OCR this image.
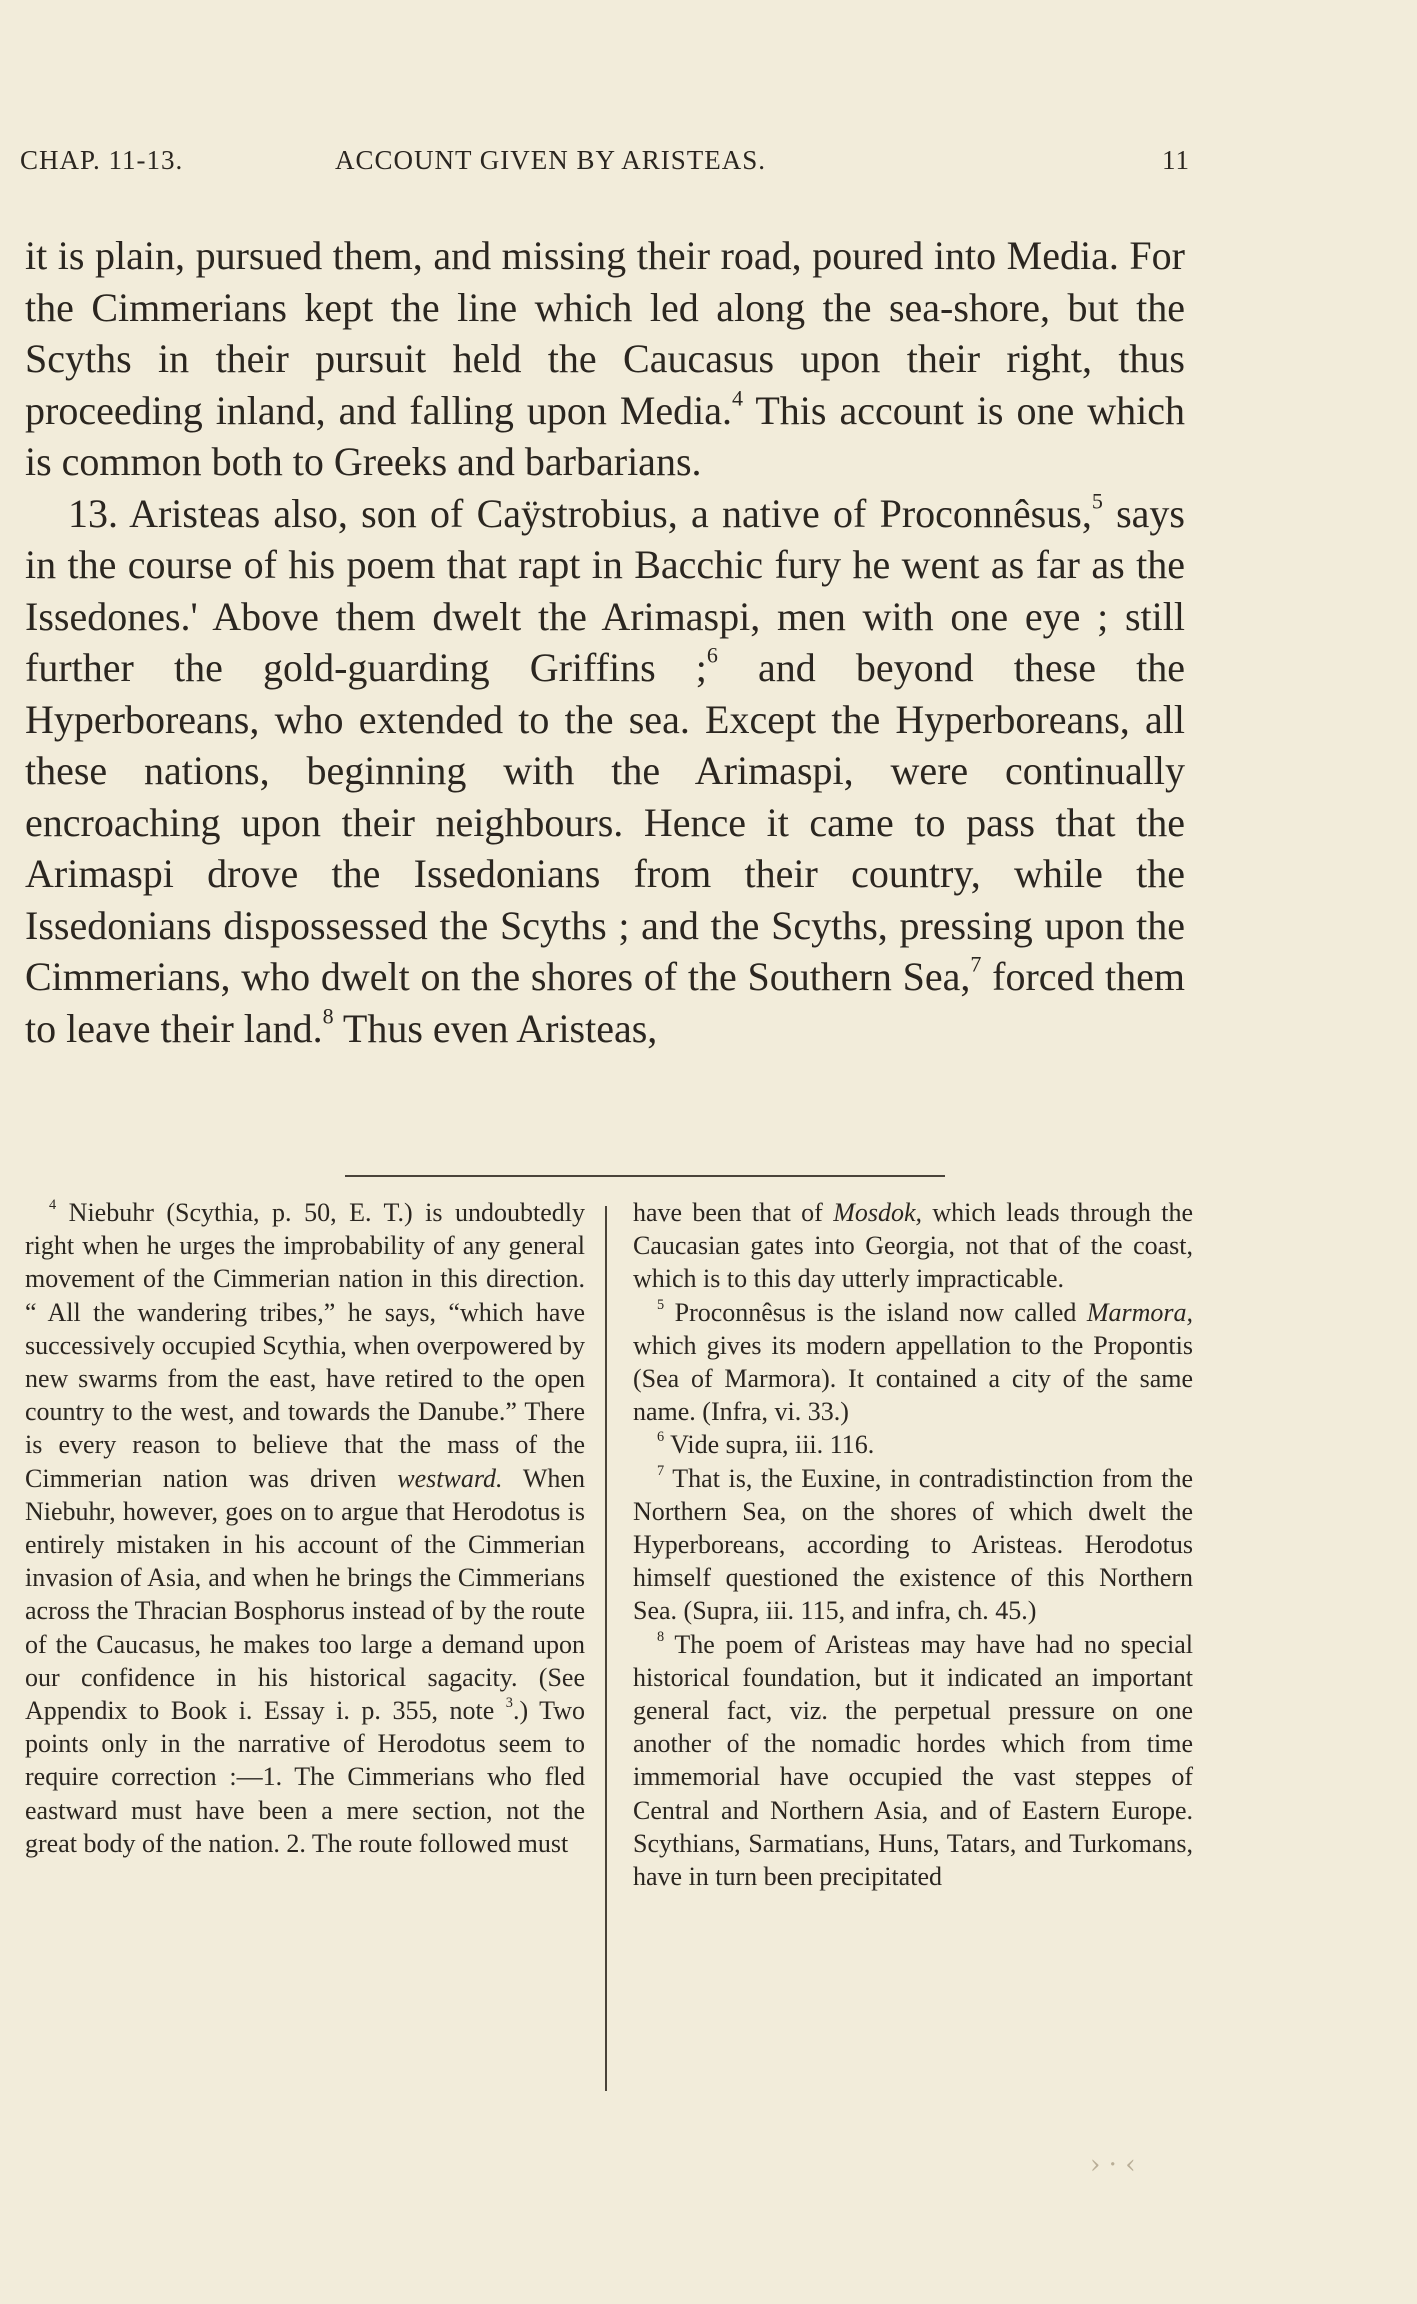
CHAP. 11-13.	ACCOUNT GIVEN BY ARISTEAS.	11

it is plain, pursued them, and missing their road, poured into Media. For the Cimmerians kept the line which led along the sea-shore, but the Scyths in their pursuit held the Caucasus upon their right, thus proceeding inland, and falling upon Media.$^4$ This account is one which is common both to Greeks and barbarians.

13. Aristeas also, son of Caÿstrobius, a native of Proconnêsus,$^5$ says in the course of his poem that rapt in Bacchic fury he went as far as the Issedones.' Above them dwelt the Arimaspi, men with one eye ; still further the gold-guarding Griffins ;$^6$ and beyond these the Hyperboreans, who extended to the sea. Except the Hyperboreans, all these nations, beginning with the Arimaspi, were continually encroaching upon their neighbours. Hence it came to pass that the Arimaspi drove the Issedonians from their country, while the Issedonians dispossessed the Scyths ; and the Scyths, pressing upon the Cimmerians, who dwelt on the shores of the Southern Sea,$^7$ forced them to leave their land.$^8$ Thus even Aristeas,

$^4$ Niebuhr (Scythia, p. 50, E. T.) is undoubtedly right when he urges the improbability of any general movement of the Cimmerian nation in this direction. “ All the wandering tribes,” he says, “which have successively occupied Scythia, when overpowered by new swarms from the east, have retired to the open country to the west, and towards the Danube.” There is every reason to believe that the mass of the Cimmerian nation was driven westward. When Niebuhr, however, goes on to argue that Herodotus is entirely mistaken in his account of the Cimmerian invasion of Asia, and when he brings the Cimmerians across the Thracian Bosphorus instead of by the route of the Caucasus, he makes too large a demand upon our confidence in his historical sagacity. (See Appendix to Book i. Essay i. p. 355, note $^3$.) Two points only in the narrative of Herodotus seem to require correction :—1. The Cimmerians who fled eastward must have been a mere section, not the great body of the nation. 2. The route followed must

have been that of Mosdok, which leads through the Caucasian gates into Georgia, not that of the coast, which is to this day utterly impracticable.

$^5$ Proconnêsus is the island now called Marmora, which gives its modern appellation to the Propontis (Sea of Marmora). It contained a city of the same name. (Infra, vi. 33.)

$^6$ Vide supra, iii. 116.

$^7$ That is, the Euxine, in contradistinction from the Northern Sea, on the shores of which dwelt the Hyperboreans, according to Aristeas. Herodotus himself questioned the existence of this Northern Sea. (Supra, iii. 115, and infra, ch. 45.)

$^8$ The poem of Aristeas may have had no special historical foundation, but it indicated an important general fact, viz. the perpetual pressure on one another of the nomadic hordes which from time immemorial have occupied the vast steppes of Central and Northern Asia, and of Eastern Europe. Scythians, Sarmatians, Huns, Tatars, and Turkomans, have in turn been precipitated

› · ‹
